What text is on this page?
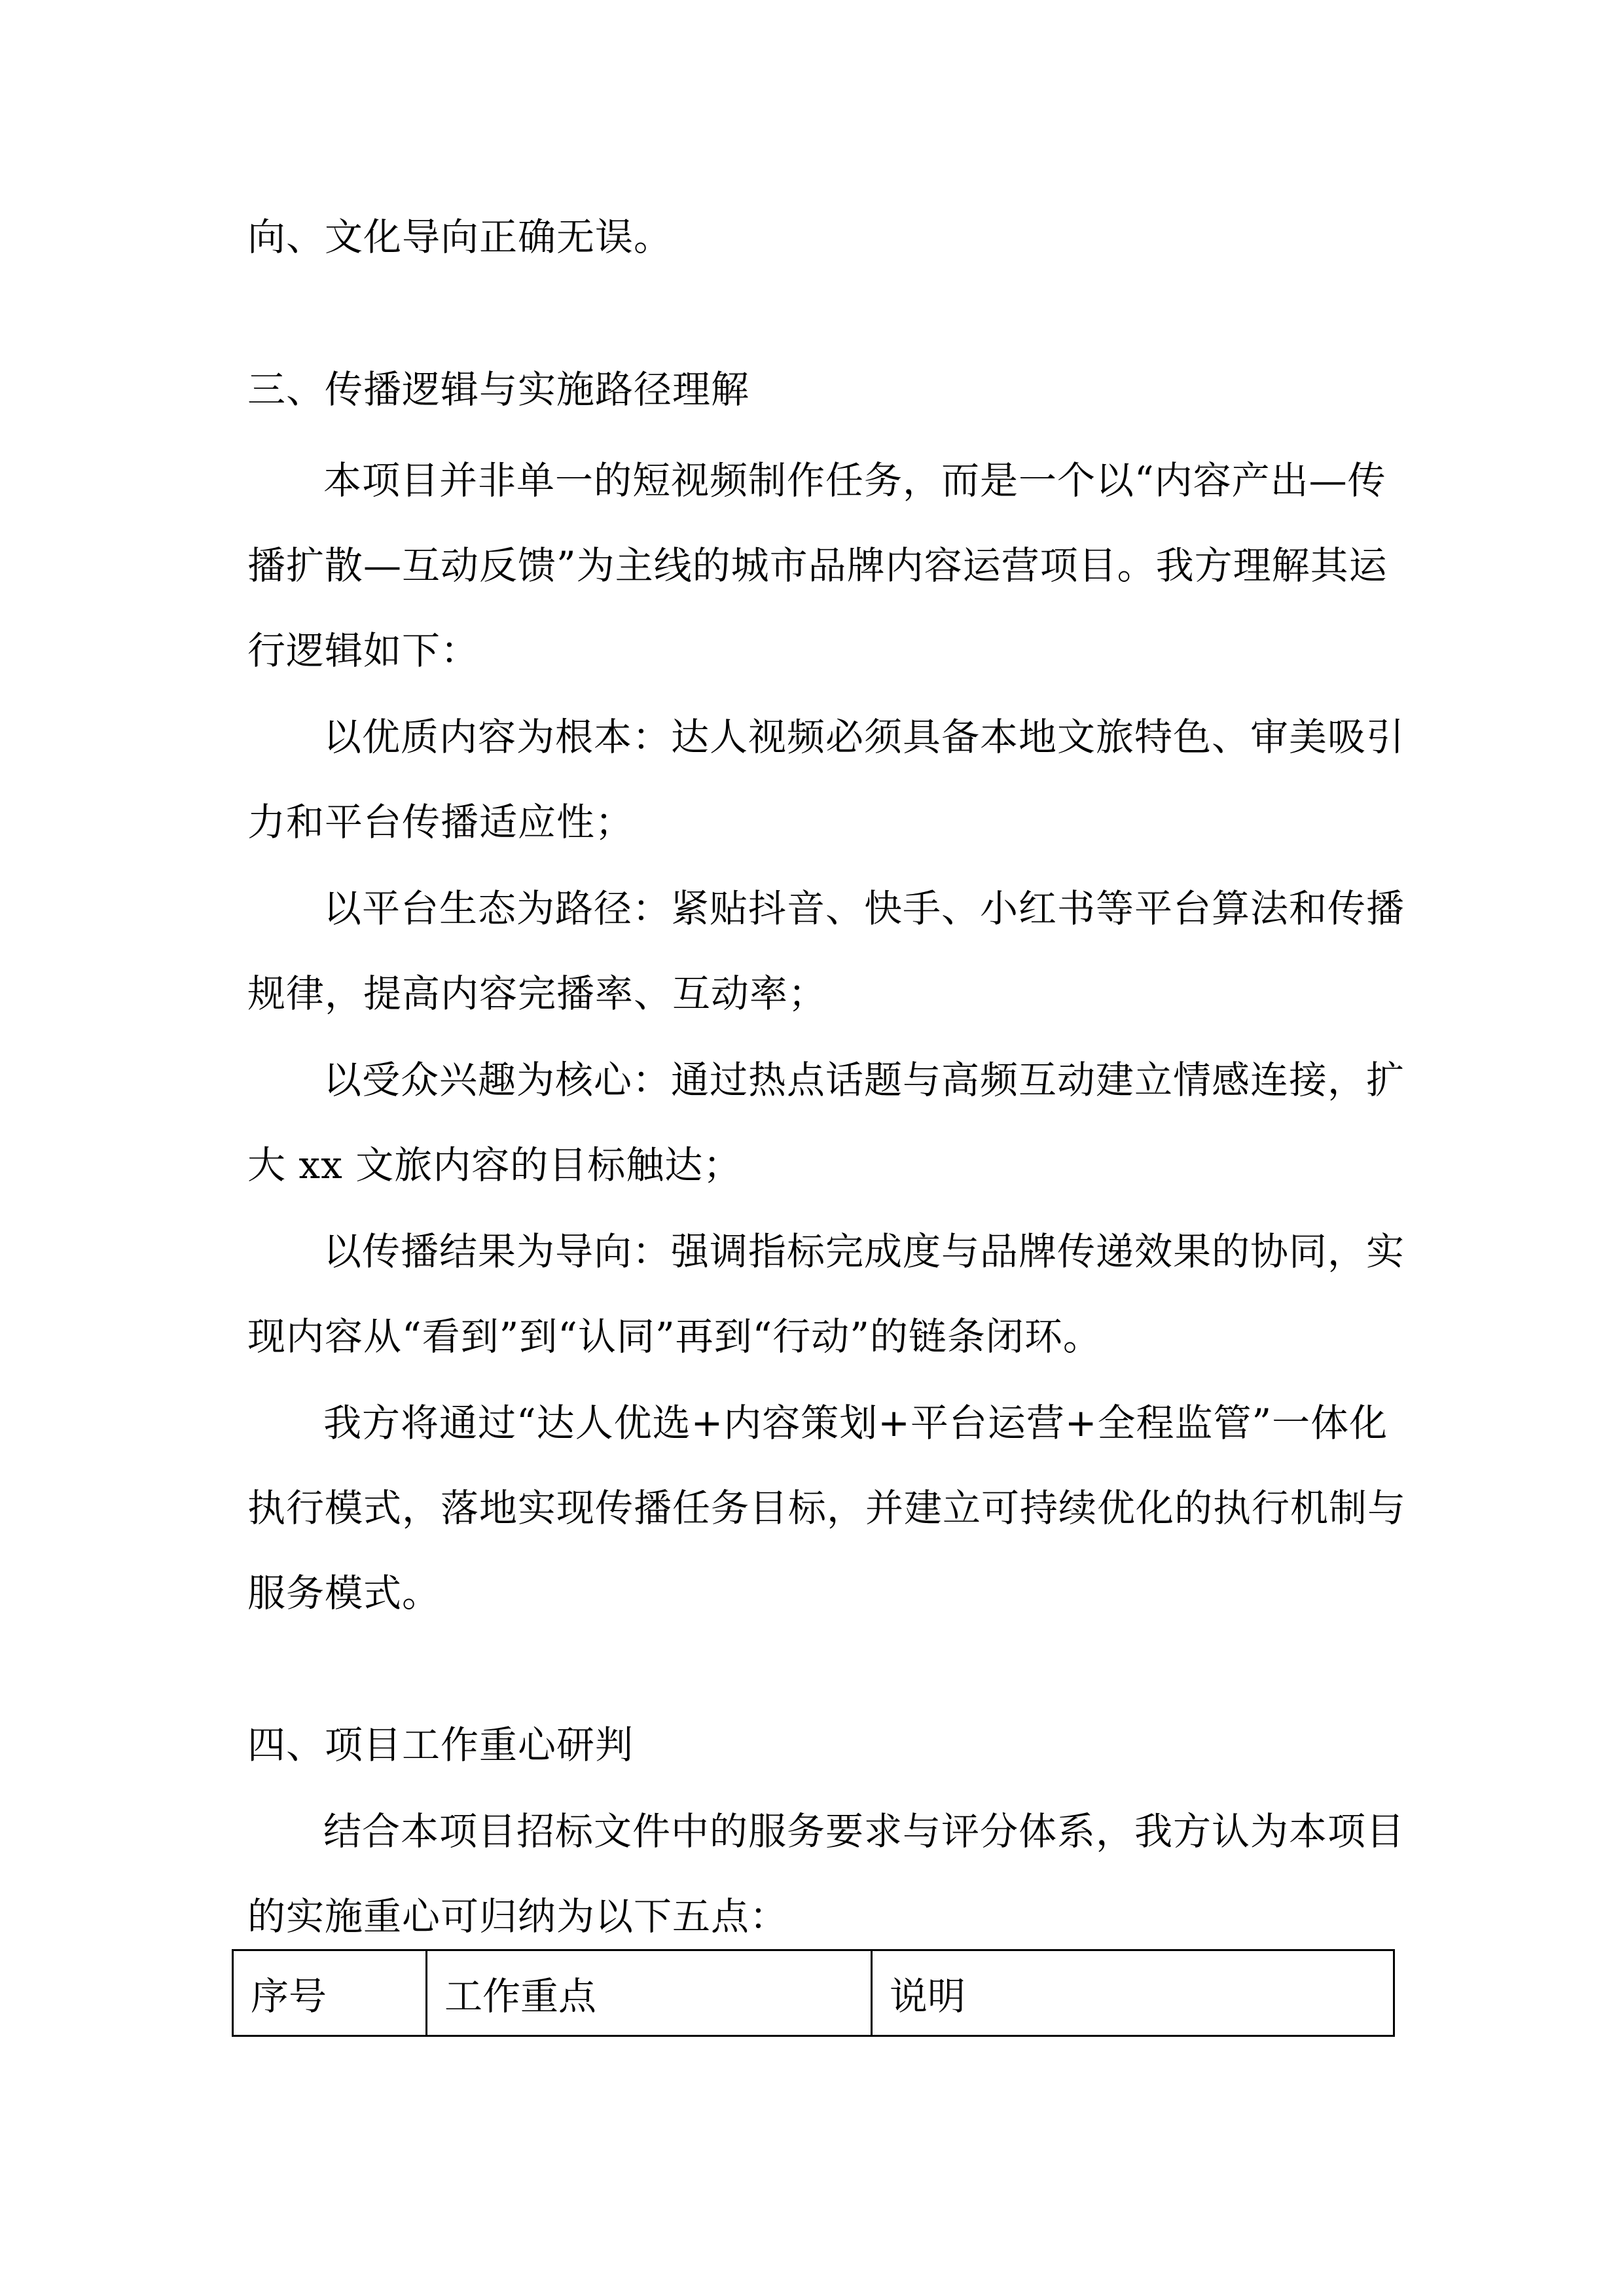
向、文化导向正确无误。
三、传播逻辑与实施路径理解
本项目并非单一的短视频制作任务，而是一个以“内容产出—传
播扩散—互动反馈”为主线的城市品牌内容运营项目。我方理解其运
行逻辑如下：
以优质内容为根本：达人视频必须具备本地文旅特色、审美吸引
力和平台传播适应性；
以平台生态为路径：紧贴抖音、快手、小红书等平台算法和传播
规律，提高内容完播率、互动率；
以受众兴趣为核心：通过热点话题与高频互动建立情感连接，扩
大 xx 文旅内容的目标触达；
以传播结果为导向：强调指标完成度与品牌传递效果的协同，实
现内容从“看到”到“认同”再到“行动”的链条闭环。
我方将通过“达人优选+内容策划+平台运营+全程监管”一体化
执行模式，落地实现传播任务目标，并建立可持续优化的执行机制与
服务模式。
四、项目工作重心研判
结合本项目招标文件中的服务要求与评分体系，我方认为本项目
的实施重心可归纳为以下五点：
序号	工作重点	说明
